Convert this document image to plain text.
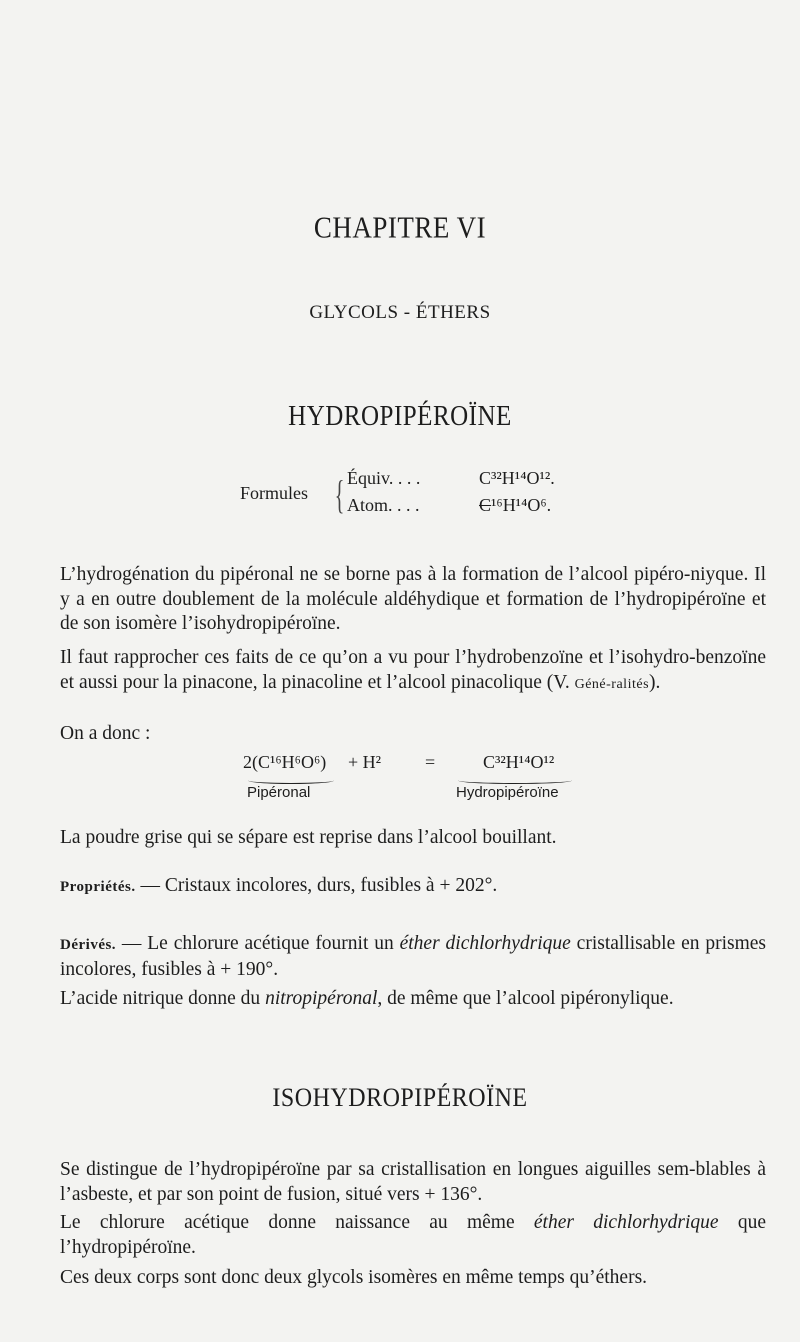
CHAPITRE VI
GLYCOLS - ÉTHERS
HYDROPIPÉROÏNE
Formules { Équiv. . . .	C³²H¹⁴O¹².
Atom. . . .	C¹⁶H¹⁴O⁶.
L’hydrogénation du pipéronal ne se borne pas à la formation de l’alcool pipéro-niyque. Il y a en outre doublement de la molécule aldéhydique et formation de l’hydropipéroïne et de son isomère l’isohydropipéroïne.
Il faut rapprocher ces faits de ce qu’on a vu pour l’hydrobenzoïne et l’isohydro-benzoïne et aussi pour la pinacone, la pinacoline et l’alcool pinacolique (V. Géné-ralités).
On a donc :
2(C¹⁶H⁶O⁶) + H² =	C³²H¹⁴O¹²
Pipéronal	Hydropipéroïne
La poudre grise qui se sépare est reprise dans l’alcool bouillant.
Propriétés. — Cristaux incolores, durs, fusibles à + 202°.
Dérivés. — Le chlorure acétique fournit un éther dichlorhydrique cristallisable en prismes incolores, fusibles à + 190°.
L’acide nitrique donne du nitropipéronal, de même que l’alcool pipéronylique.
ISOHYDROPIPÉROÏNE
Se distingue de l’hydropipéroïne par sa cristallisation en longues aiguilles sem-blables à l’asbeste, et par son point de fusion, situé vers + 136°.
Le chlorure acétique donne naissance au même éther dichlorhydrique que l’hydropipéroïne.
Ces deux corps sont donc deux glycols isomères en même temps qu’éthers.
